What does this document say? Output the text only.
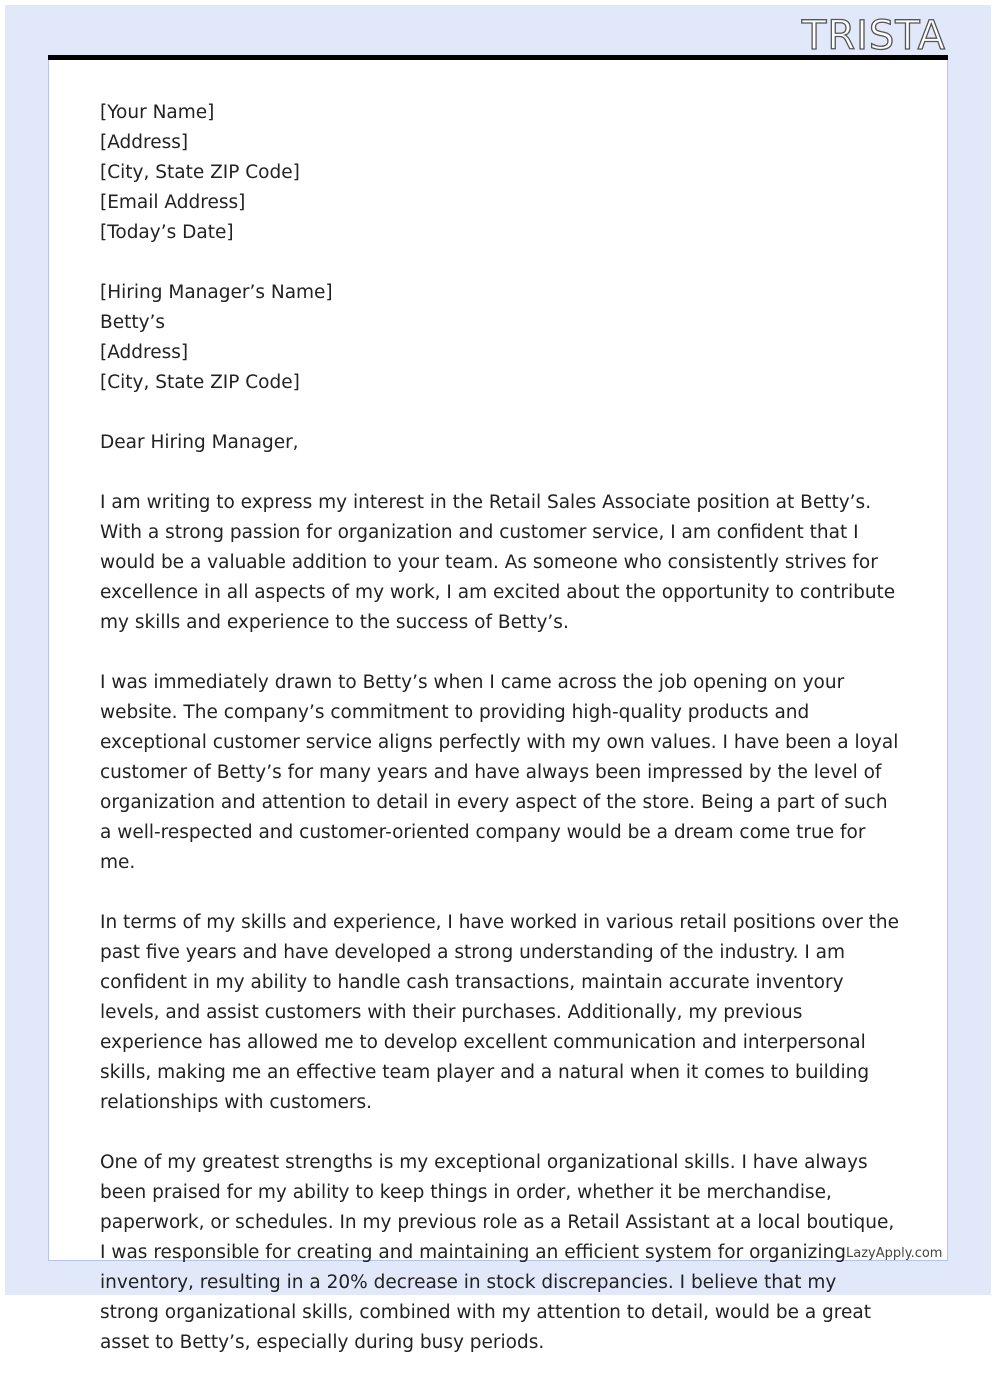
TRISTA

[Your Name]
[Address]
[City, State ZIP Code]
[Email Address]
[Today’s Date]

[Hiring Manager’s Name]
Betty’s
[Address]
[City, State ZIP Code]

Dear Hiring Manager,

I am writing to express my interest in the Retail Sales Associate position at Betty’s. With a strong passion for organization and customer service, I am confident that I would be a valuable addition to your team. As someone who consistently strives for excellence in all aspects of my work, I am excited about the opportunity to contribute my skills and experience to the success of Betty’s.

I was immediately drawn to Betty’s when I came across the job opening on your website. The company’s commitment to providing high-quality products and exceptional customer service aligns perfectly with my own values. I have been a loyal customer of Betty’s for many years and have always been impressed by the level of organization and attention to detail in every aspect of the store. Being a part of such a well-respected and customer-oriented company would be a dream come true for me.

In terms of my skills and experience, I have worked in various retail positions over the past five years and have developed a strong understanding of the industry. I am confident in my ability to handle cash transactions, maintain accurate inventory levels, and assist customers with their purchases. Additionally, my previous experience has allowed me to develop excellent communication and interpersonal skills, making me an effective team player and a natural when it comes to building relationships with customers.

One of my greatest strengths is my exceptional organizational skills. I have always been praised for my ability to keep things in order, whether it be merchandise, paperwork, or schedules. In my previous role as a Retail Assistant at a local boutique, I was responsible for creating and maintaining an efficient system for organizing inventory, resulting in a 20% decrease in stock discrepancies. I believe that my strong organizational skills, combined with my attention to detail, would be a great asset to Betty’s, especially during busy periods.

LazyApply.com
